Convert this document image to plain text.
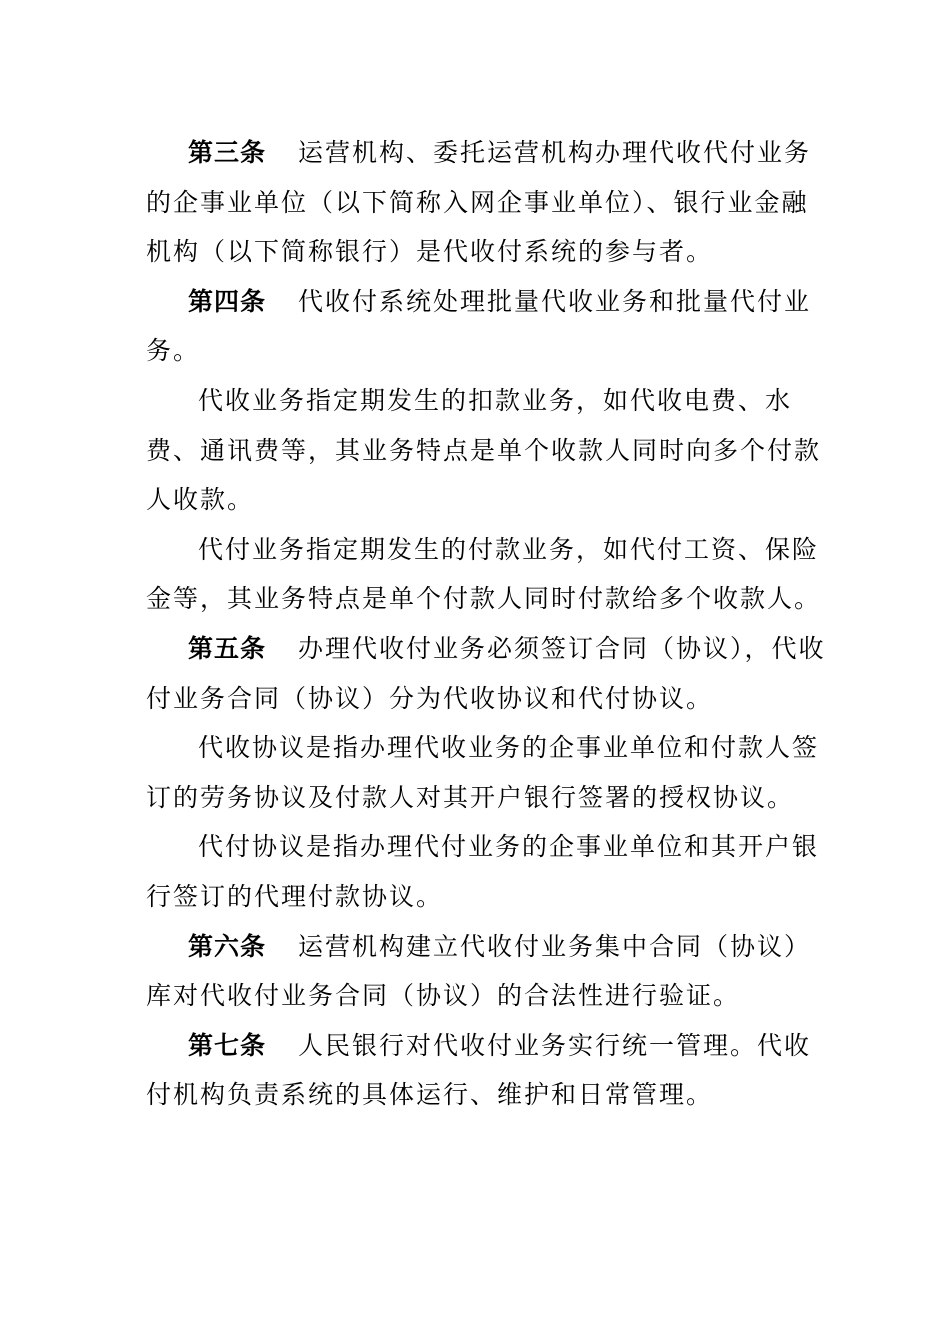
第三条 运营机构、委托运营机构办理代收代付业务的企事业单位（以下简称入网企事业单位）、银行业金融机构（以下简称银行）是代收付系统的参与者。

第四条 代收付系统处理批量代收业务和批量代付业务。

代收业务指定期发生的扣款业务，如代收电费、水费、通讯费等，其业务特点是单个收款人同时向多个付款人收款。

代付业务指定期发生的付款业务，如代付工资、保险金等，其业务特点是单个付款人同时付款给多个收款人。

第五条 办理代收付业务必须签订合同（协议），代收付业务合同（协议）分为代收协议和代付协议。

代收协议是指办理代收业务的企事业单位和付款人签订的劳务协议及付款人对其开户银行签署的授权协议。

代付协议是指办理代付业务的企事业单位和其开户银行签订的代理付款协议。

第六条 运营机构建立代收付业务集中合同（协议）库对代收付业务合同（协议）的合法性进行验证。

第七条 人民银行对代收付业务实行统一管理。代收付机构负责系统的具体运行、维护和日常管理。
